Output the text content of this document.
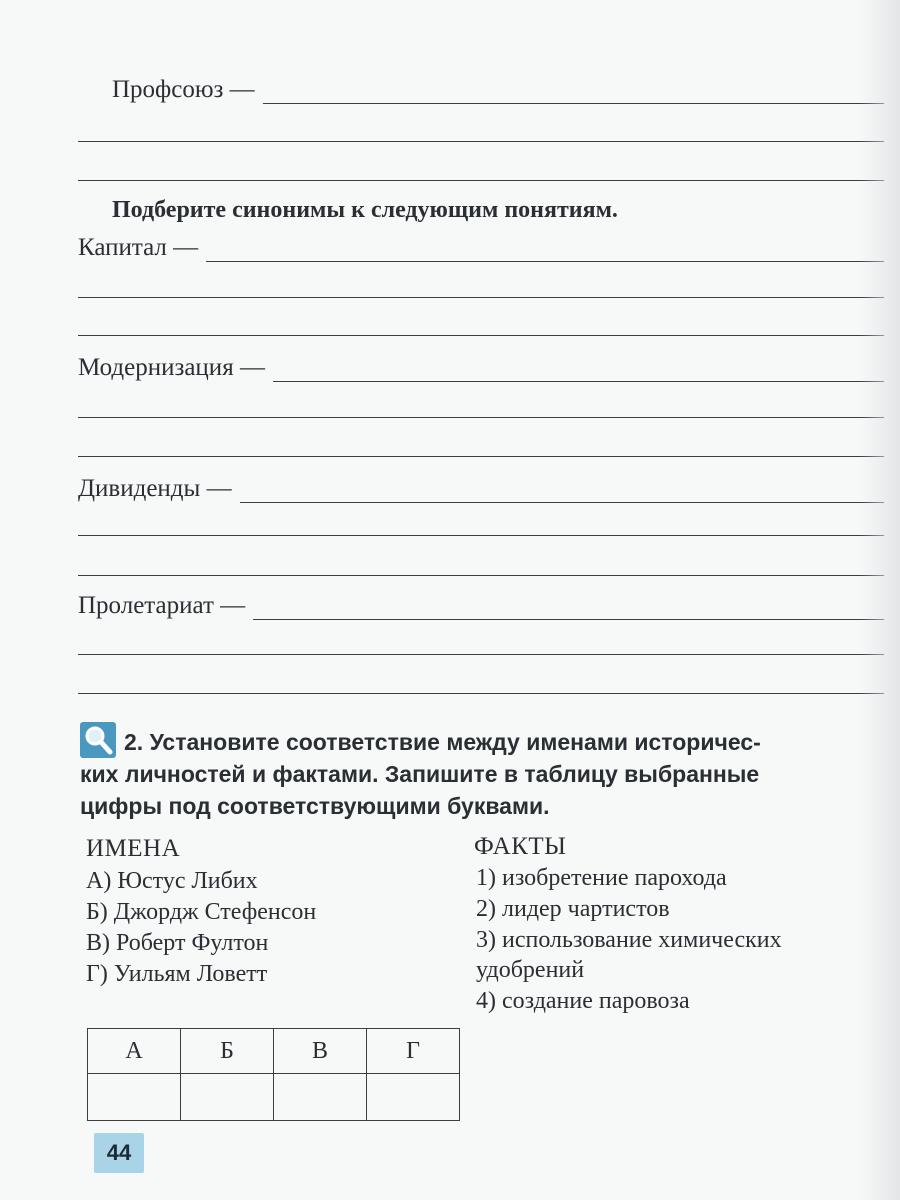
Профсоюз —
Подберите синонимы к следующим понятиям.
Капитал —
Модернизация —
Дивиденды —
Пролетариат —
2. Установите соответствие между именами историчес-
ких личностей и фактами. Запишите в таблицу выбранные
цифры под соответствующими буквами.
ИМЕНА
А) Юстус Либих
Б) Джордж Стефенсон
В) Роберт Фултон
Г) Уильям Ловетт
ФАКТЫ
1) изобретение парохода
2) лидер чартистов
3) использование химических
удобрений
4) создание паровоза
А	Б	В	Г

44
